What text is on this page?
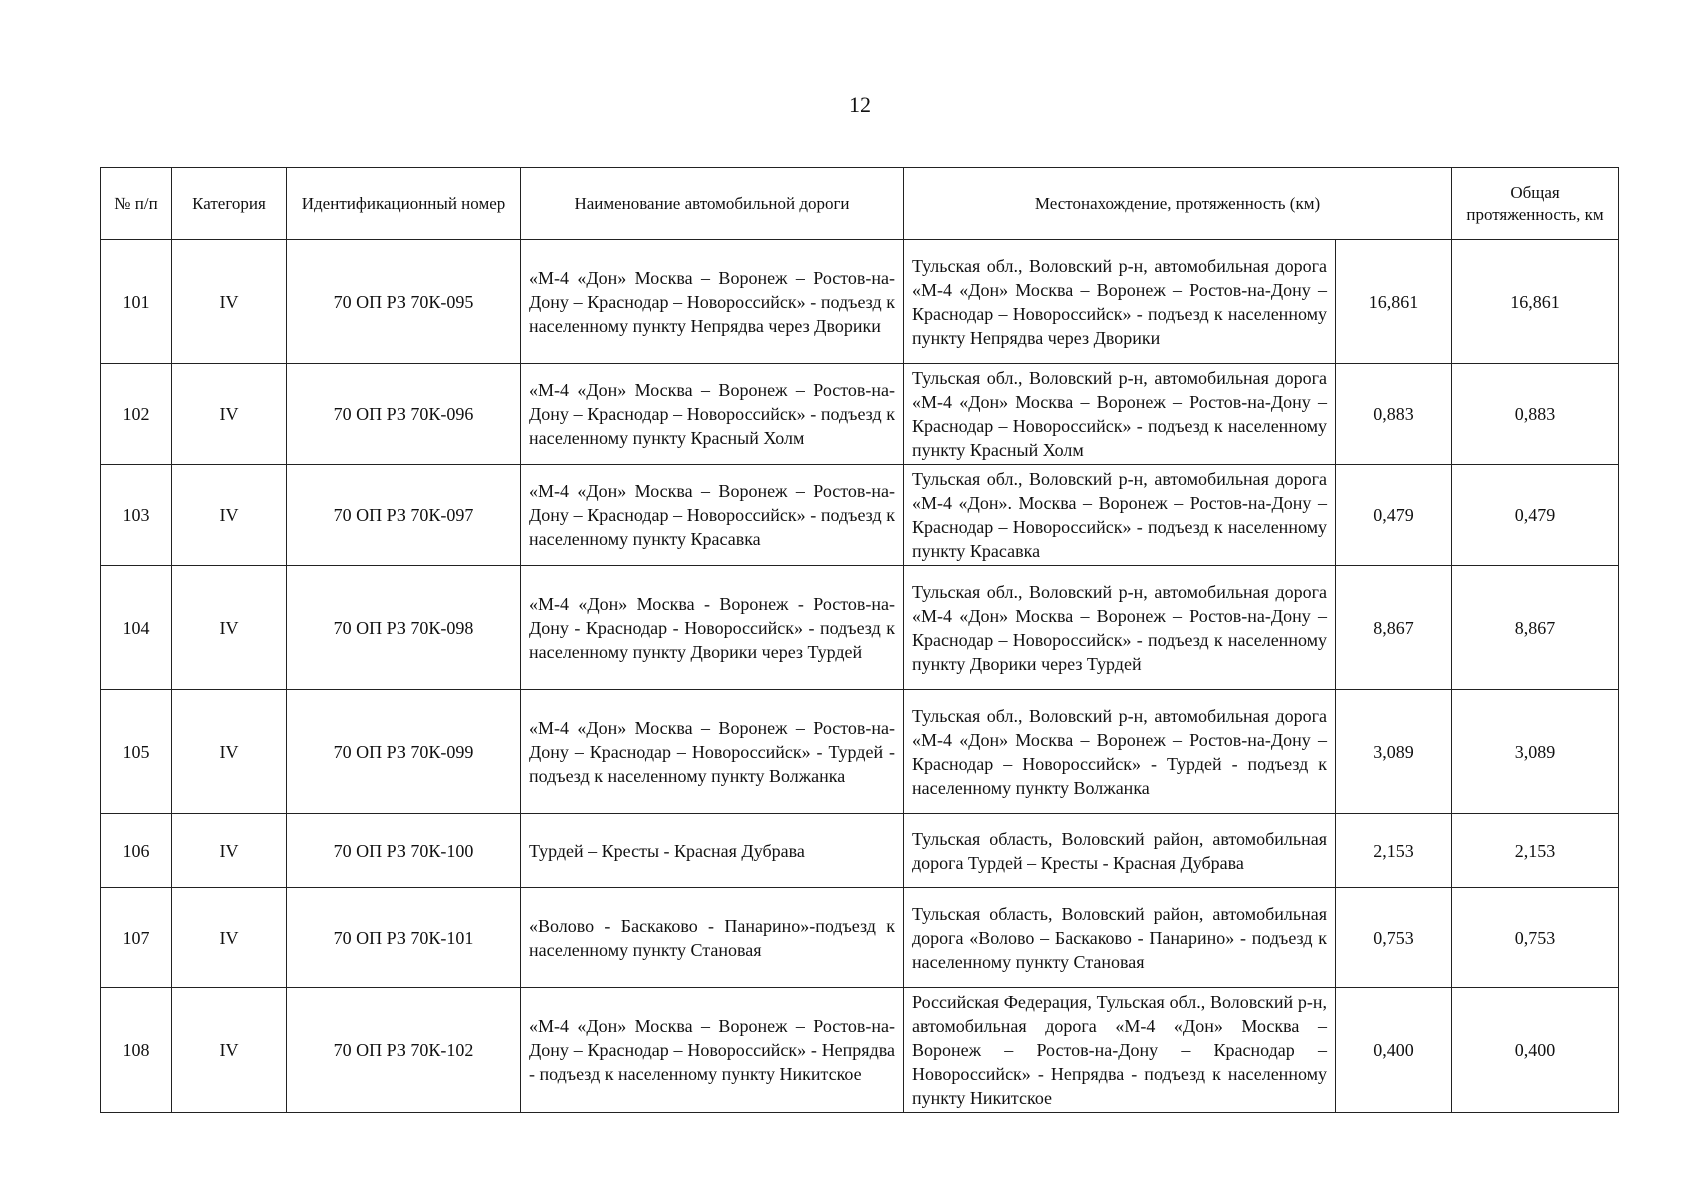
12
№ п/п	Категория	Идентификационный номер	Наименование автомобильной дороги	Местонахождение, протяженность (км)		Общая протяженность, км
101	IV	70 ОП РЗ 70К-095	«М-4 «Дон» Москва – Воронеж – Ростов-на-Дону – Краснодар – Новороссийск» - подъезд к населенному пункту Непрядва через Дворики	Тульская обл., Воловский р-н, автомобильная дорога «М-4 «Дон» Москва – Воронеж – Ростов-на-Дону – Краснодар – Новороссийск» - подъезд к населенному пункту Непрядва через Дворики	16,861	16,861
102	IV	70 ОП РЗ 70К-096	«М-4 «Дон» Москва – Воронеж – Ростов-на-Дону – Краснодар – Новороссийск» - подъезд к населенному пункту Красный Холм	Тульская обл., Воловский р-н, автомобильная дорога «М-4 «Дон» Москва – Воронеж – Ростов-на-Дону – Краснодар – Новороссийск» - подъезд к населенному пункту Красный Холм	0,883	0,883
103	IV	70 ОП РЗ 70К-097	«М-4 «Дон» Москва – Воронеж – Ростов-на-Дону – Краснодар – Новороссийск» - подъезд к населенному пункту Красавка	Тульская обл., Воловский р-н, автомобильная дорога «М-4 «Дон». Москва – Воронеж – Ростов-на-Дону – Краснодар – Новороссийск» - подъезд к населенному пункту Красавка	0,479	0,479
104	IV	70 ОП РЗ 70К-098	«М-4 «Дон» Москва - Воронеж - Ростов-на-Дону - Краснодар - Новороссийск» - подъезд к населенному пункту Дворики через Турдей	Тульская обл., Воловский р-н, автомобильная дорога «М-4 «Дон» Москва – Воронеж – Ростов-на-Дону – Краснодар – Новороссийск» - подъезд к населенному пункту Дворики через Турдей	8,867	8,867
105	IV	70 ОП РЗ 70К-099	«М-4 «Дон» Москва – Воронеж – Ростов-на-Дону – Краснодар – Новороссийск» - Турдей - подъезд к населенному пункту Волжанка	Тульская обл., Воловский р-н, автомобильная дорога «М-4 «Дон» Москва – Воронеж – Ростов-на-Дону – Краснодар – Новороссийск» - Турдей - подъезд к населенному пункту Волжанка	3,089	3,089
106	IV	70 ОП РЗ 70К-100	Турдей – Кресты - Красная Дубрава	Тульская область, Воловский район, автомобильная дорога Турдей – Кресты - Красная Дубрава	2,153	2,153
107	IV	70 ОП РЗ 70К-101	«Волово - Баскаково - Панарино»-подъезд к населенному пункту Становая	Тульская область, Воловский район, автомобильная дорога «Волово – Баскаково - Панарино» - подъезд к населенному пункту Становая	0,753	0,753
108	IV	70 ОП РЗ 70К-102	«М-4 «Дон» Москва – Воронеж – Ростов-на-Дону – Краснодар – Новороссийск» - Непрядва - подъезд к населенному пункту Никитское	Российская Федерация, Тульская обл., Воловский р-н, автомобильная дорога «М-4 «Дон» Москва – Воронеж – Ростов-на-Дону – Краснодар – Новороссийск» - Непрядва - подъезд к населенному пункту Никитское	0,400	0,400
